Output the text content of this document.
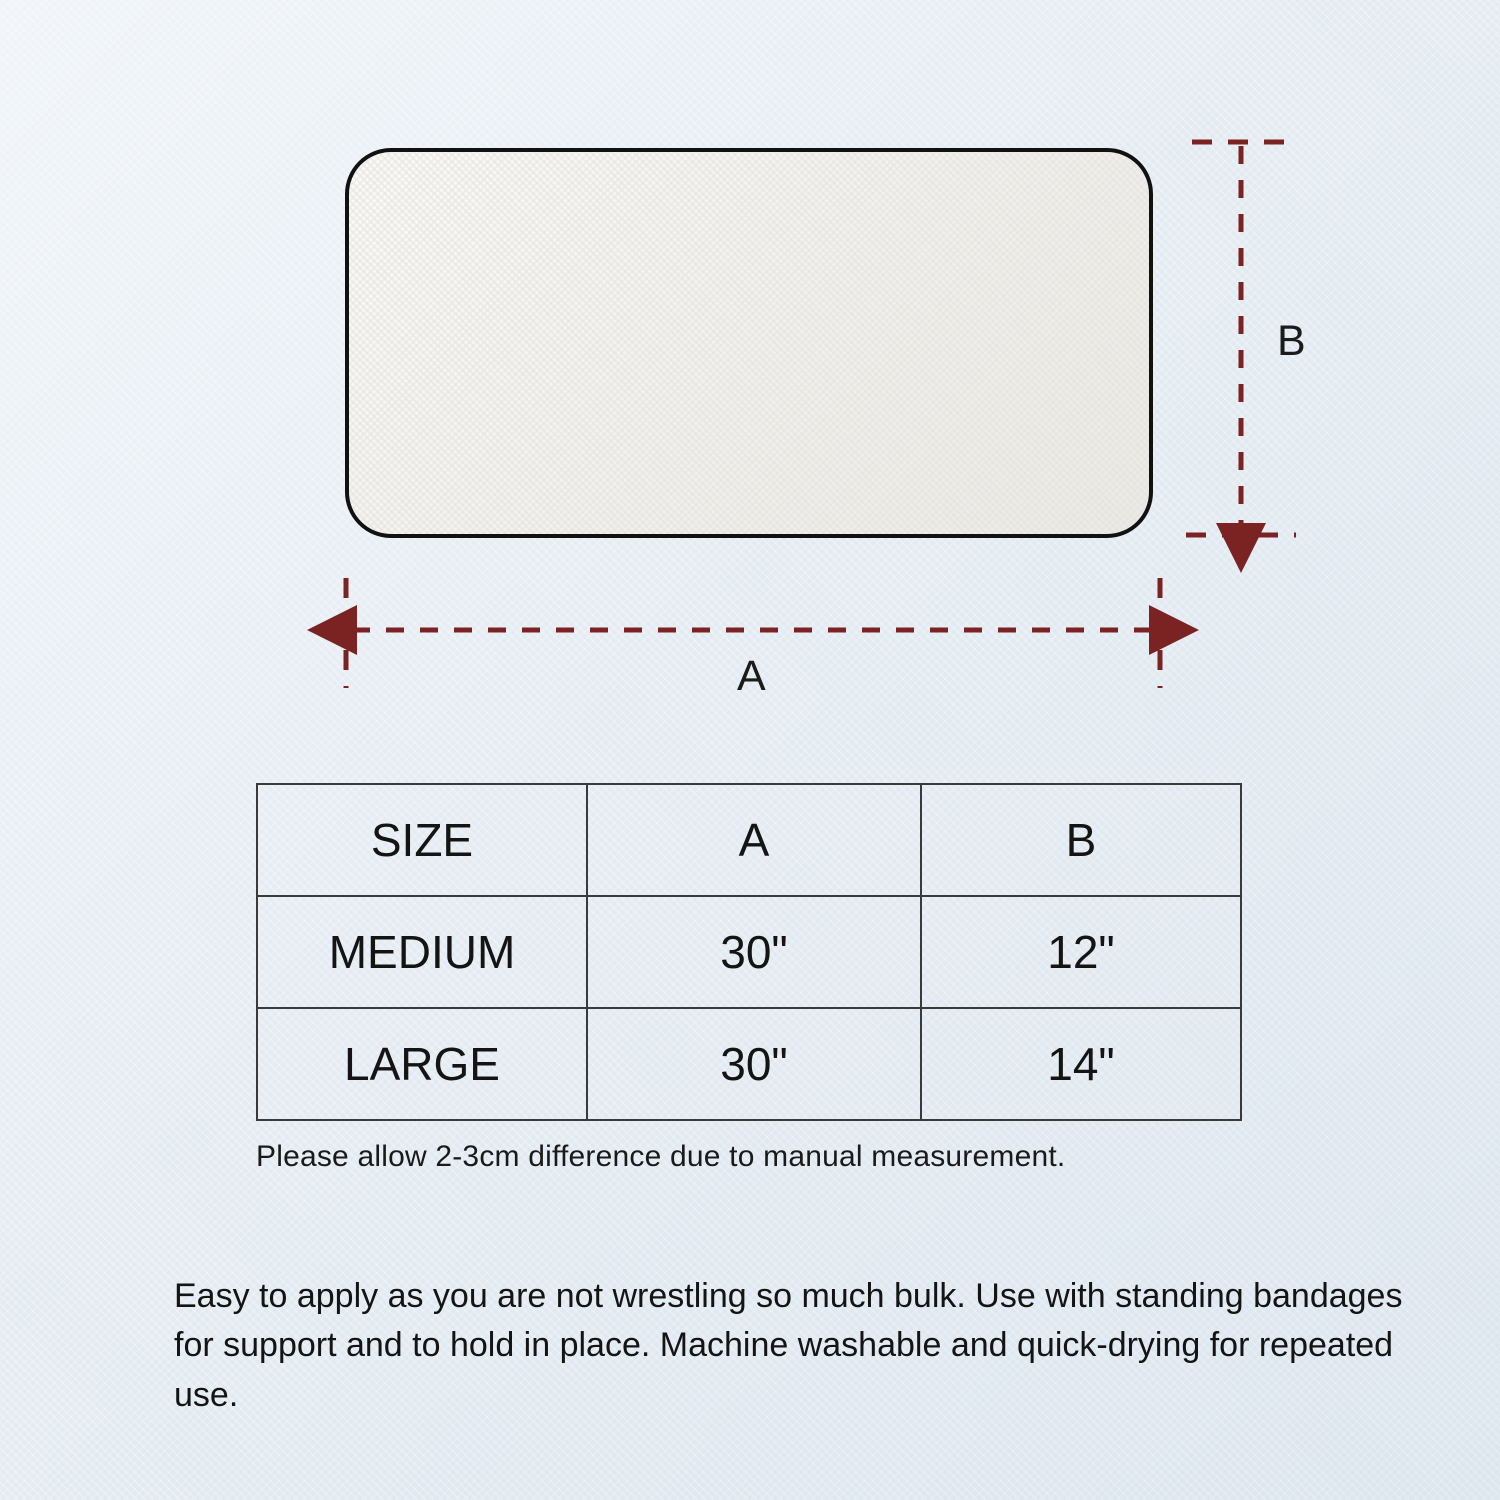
A
B
SIZE	A	B
MEDIUM	30"	12"
LARGE	30"	14"
Please allow 2-3cm difference due to manual measurement.
Easy to apply as you are not wrestling so much bulk. Use with standing bandages for support and to hold in place. Machine washable and quick-drying for repeated use.
